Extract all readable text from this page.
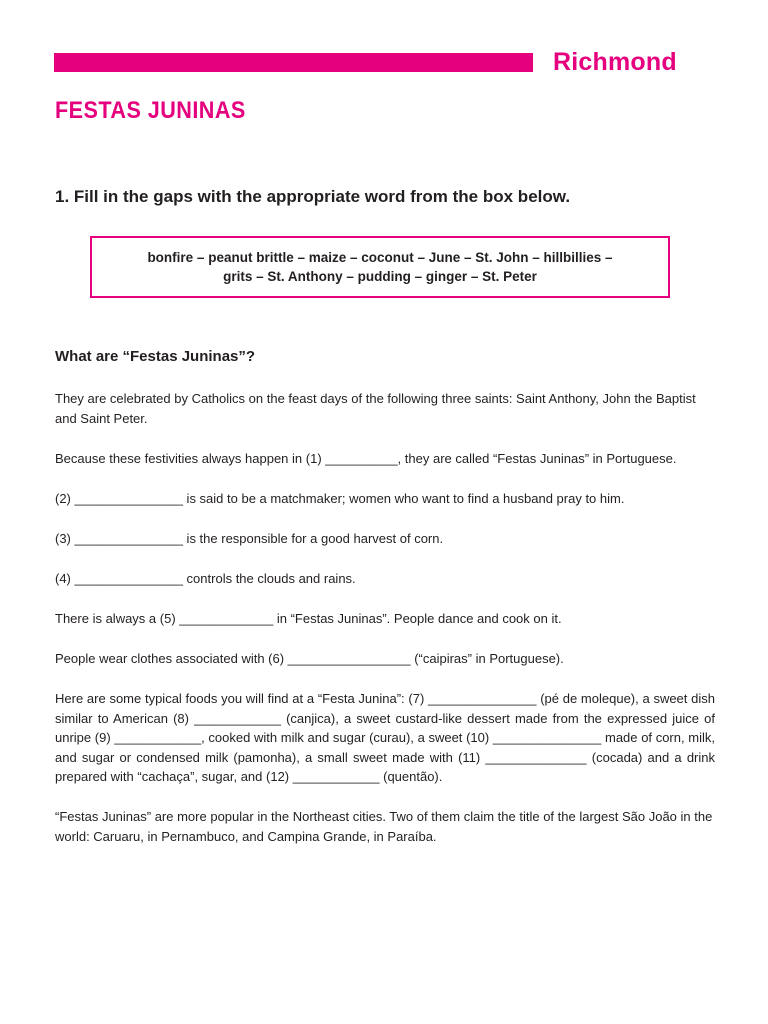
Richmond
FESTAS JUNINAS
1. Fill in the gaps with the appropriate word from the box below.
bonfire – peanut brittle – maize – coconut – June – St. John – hillbillies –
grits – St. Anthony – pudding – ginger – St. Peter
What are “Festas Juninas”?

They are celebrated by Catholics on the feast days of the following three saints: Saint Anthony, John the Baptist and Saint Peter.

Because these festivities always happen in (1) __________, they are called “Festas Juninas” in Portuguese.

(2) _______________ is said to be a matchmaker; women who want to find a husband pray to him.

(3) _______________ is the responsible for a good harvest of corn.

(4) _______________ controls the clouds and rains.

There is always a (5) _____________ in “Festas Juninas”. People dance and cook on it.

People wear clothes associated with (6) _________________ (“caipiras” in Portuguese).

Here are some typical foods you will find at a “Festa Junina”: (7) _______________ (pé de moleque), a sweet dish similar to American (8) ____________ (canjica), a sweet custard-like dessert made from the expressed juice of unripe (9) ____________, cooked with milk and sugar (curau), a sweet (10) _______________ made of corn, milk, and sugar or condensed milk (pamonha), a small sweet made with (11) ______________ (cocada) and a drink prepared with “cachaça”, sugar, and (12) ____________ (quentão).

“Festas Juninas” are more popular in the Northeast cities. Two of them claim the title of the largest São João in the world: Caruaru, in Pernambuco, and Campina Grande, in Paraíba.
